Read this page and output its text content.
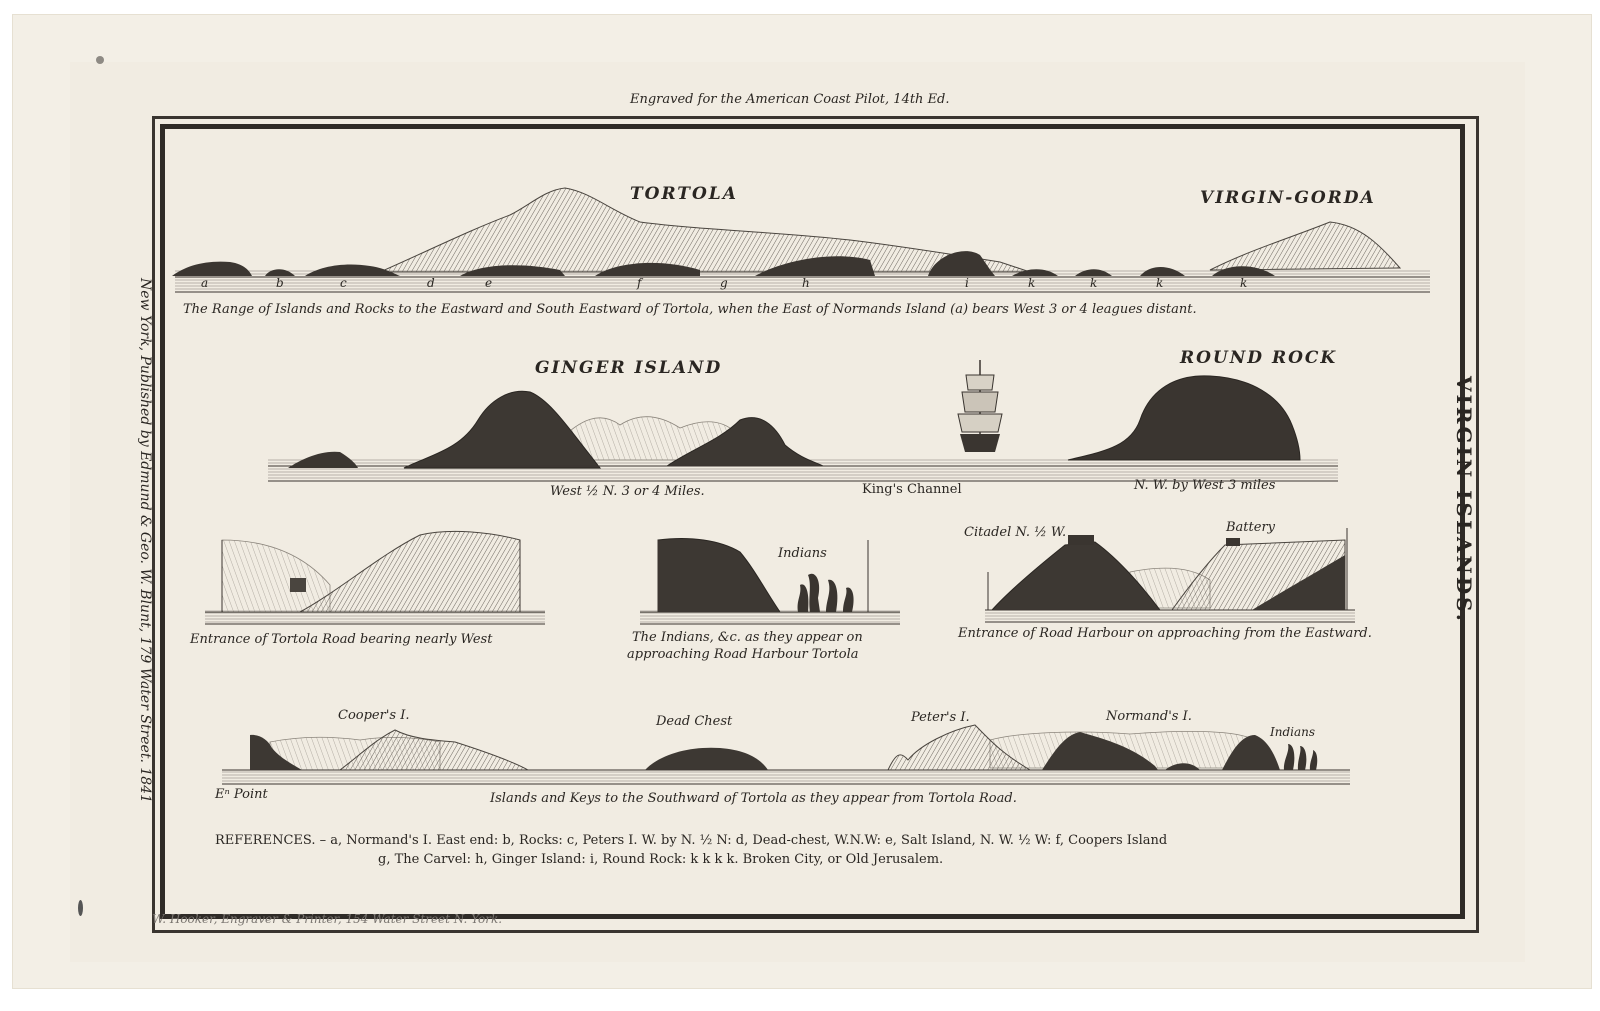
Engraved for the American Coast Pilot, 14th Ed.
VIRGIN ISLANDS.
New York, Published by Edmund & Geo. W. Blunt, 179 Water Street. 1841
W. Hooker, Engraver & Printer, 154 Water Street N. York.
TORTOLA	VIRGIN-GORDA
a	b	c	d	e	f	g	h	i	k	k	k	k
The Range of Islands and Rocks to the Eastward and South Eastward of Tortola, when the East of Normands Island (a) bears West 3 or 4 leagues distant.
GINGER ISLAND	ROUND ROCK
West ½ N. 3 or 4 Miles.	King's Channel	N. W. by West 3 miles
Entrance of Tortola Road bearing nearly West
Indians
The Indians, &c. as they appear on
approaching Road Harbour Tortola
Citadel N. ½ W.	Battery
Entrance of Road Harbour on approaching from the Eastward.
Cooper's I.	Dead Chest	Peter's I.	Normand's I.
Indians
Eⁿ Point	Islands and Keys to the Southward of Tortola as they appear from Tortola Road.
REFERENCES. – a, Normand's I. East end: b, Rocks: c, Peters I. W. by N. ½ N: d, Dead-chest, W.N.W: e, Salt Island, N. W. ½ W: f, Coopers Island
g, The Carvel: h, Ginger Island: i, Round Rock: k k k k. Broken City, or Old Jerusalem.
